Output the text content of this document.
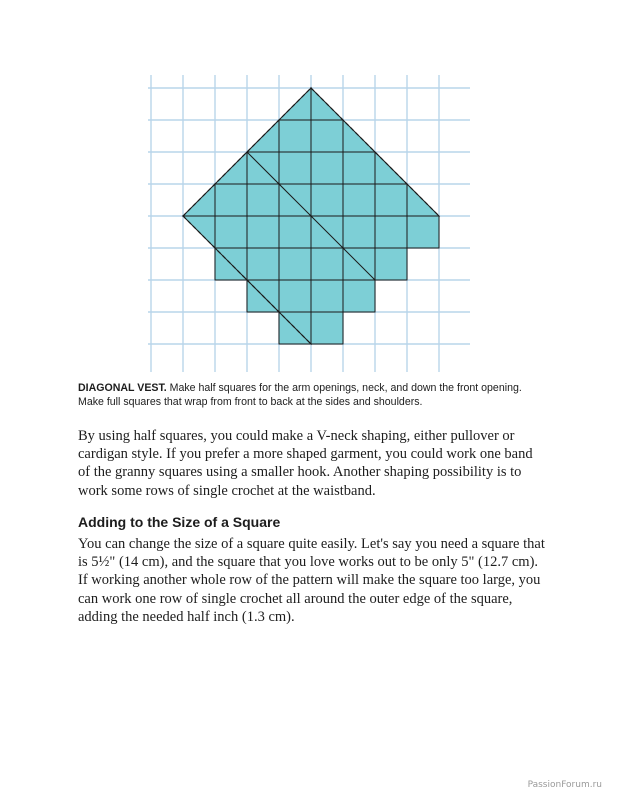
DIAGONAL VEST. Make half squares for the arm openings, neck, and down the front opening. Make full squares that wrap from front to back at the sides and shoulders.

By using half squares, you could make a V-neck shaping, either pullover or cardigan style. If you prefer a more shaped garment, you could work one band of the granny squares using a smaller hook. Another shaping possibility is to work some rows of single crochet at the waistband.

Adding to the Size of a Square

You can change the size of a square quite easily. Let's say you need a square that is 5½" (14 cm), and the square that you love works out to be only 5" (12.7 cm). If working another whole row of the pattern will make the square too large, you can work one row of single crochet all around the outer edge of the square, adding the needed half inch (1.3 cm).

PassionForum.ru
